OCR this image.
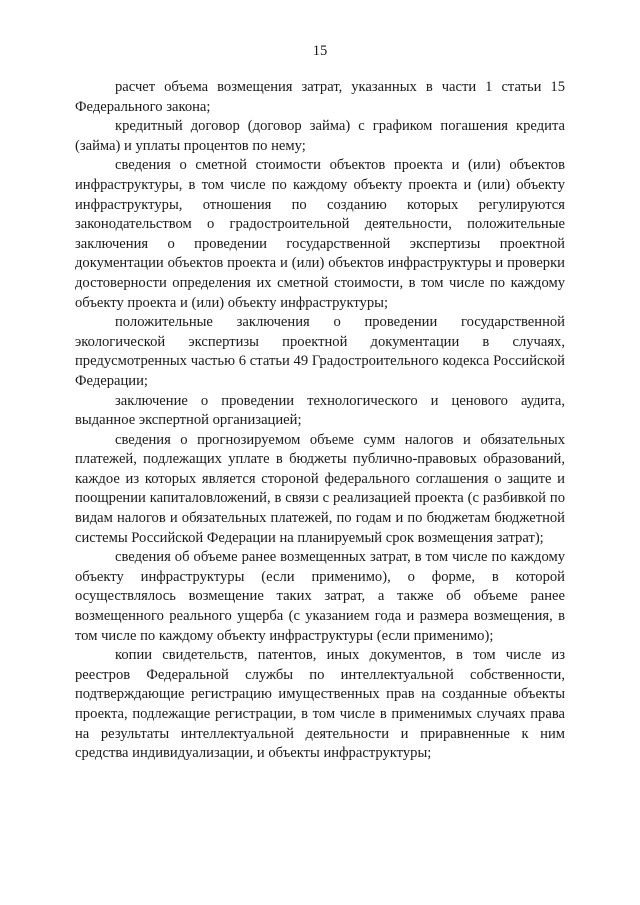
15

расчет объема возмещения затрат, указанных в части 1 статьи 15 Федерального закона;

кредитный договор (договор займа) с графиком погашения кредита (займа) и уплаты процентов по нему;

сведения о сметной стоимости объектов проекта и (или) объектов инфраструктуры, в том числе по каждому объекту проекта и (или) объекту инфраструктуры, отношения по созданию которых регулируются законодательством о градостроительной деятельности, положительные заключения о проведении государственной экспертизы проектной документации объектов проекта и (или) объектов инфраструктуры и проверки достоверности определения их сметной стоимости, в том числе по каждому объекту проекта и (или) объекту инфраструктуры;

положительные заключения о проведении государственной экологической экспертизы проектной документации в случаях, предусмотренных частью 6 статьи 49 Градостроительного кодекса Российской Федерации;

заключение о проведении технологического и ценового аудита, выданное экспертной организацией;

сведения о прогнозируемом объеме сумм налогов и обязательных платежей, подлежащих уплате в бюджеты публично-правовых образований, каждое из которых является стороной федерального соглашения о защите и поощрении капиталовложений, в связи с реализацией проекта (с разбивкой по видам налогов и обязательных платежей, по годам и по бюджетам бюджетной системы Российской Федерации на планируемый срок возмещения затрат);

сведения об объеме ранее возмещенных затрат, в том числе по каждому объекту инфраструктуры (если применимо), о форме, в которой осуществлялось возмещение таких затрат, а также об объеме ранее возмещенного реального ущерба (с указанием года и размера возмещения, в том числе по каждому объекту инфраструктуры (если применимо);

копии свидетельств, патентов, иных документов, в том числе из реестров Федеральной службы по интеллектуальной собственности, подтверждающие регистрацию имущественных прав на созданные объекты проекта, подлежащие регистрации, в том числе в применимых случаях права на результаты интеллектуальной деятельности и приравненные к ним средства индивидуализации, и объекты инфраструктуры;
